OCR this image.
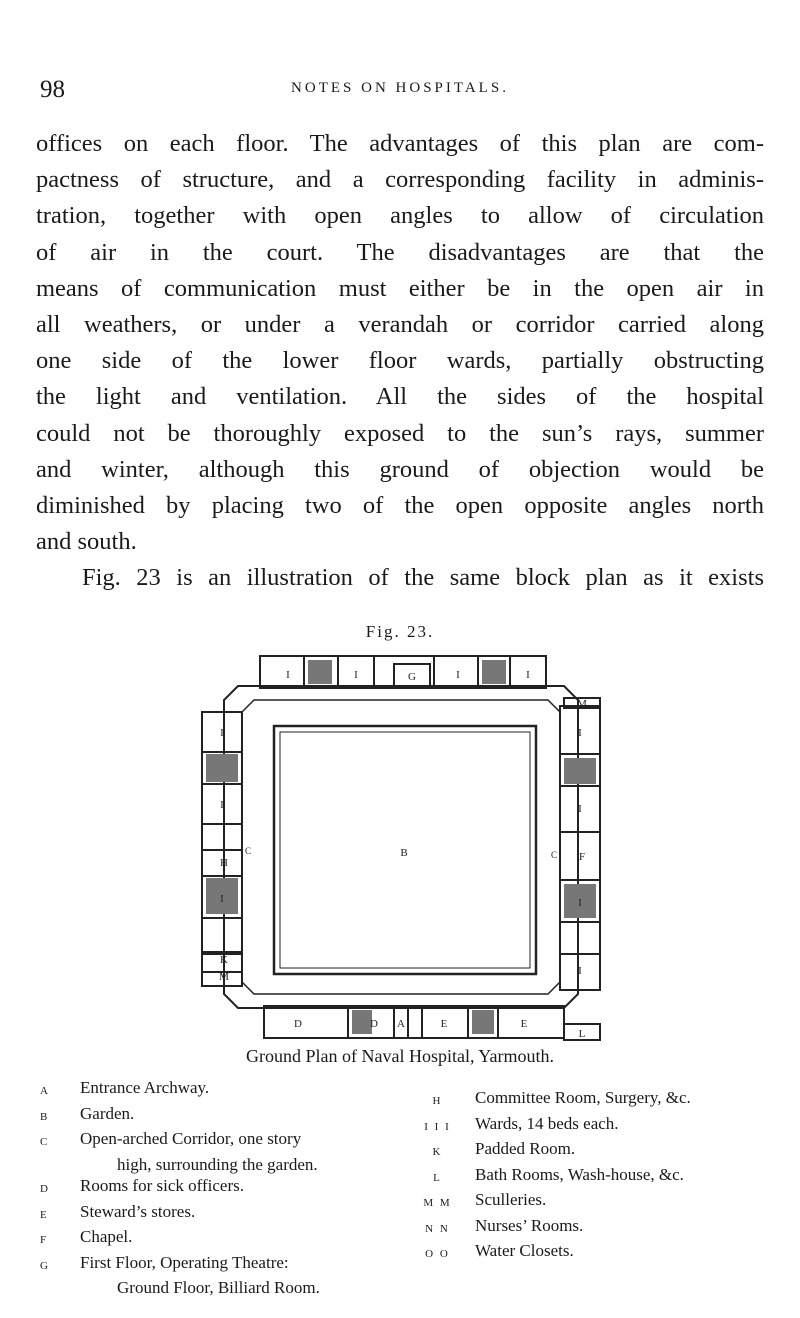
98	NOTES ON HOSPITALS.
offices on each floor. The advantages of this plan are com-
pactness of structure, and a corresponding facility in adminis-
tration, together with open angles to allow of circulation
of air in the court. The disadvantages are that the
means of communication must either be in the open air in
all weathers, or under a verandah or corridor carried along
one side of the lower floor wards, partially obstructing
the light and ventilation. All the sides of the hospital
could not be thoroughly exposed to the sun’s rays, summer
and winter, although this ground of objection would be
diminished by placing two of the open opposite angles north
and south.
Fig. 23 is an illustration of the same block plan as it exists
Fig. 23.
B
G
I	I	I	I
I
I
H
I
K
M
M
I
I
F
I
I
D	D A	E	E
L
C	C
Ground Plan of Naval Hospital, Yarmouth.
A	Entrance Archway.
B	Garden.
C	Open-arched Corridor, one story
high, surrounding the garden.
D	Rooms for sick officers.
E	Steward’s stores.
F	Chapel.
G	First Floor, Operating Theatre:
Ground Floor, Billiard Room.
H	Committee Room, Surgery, &c.
I I I	Wards, 14 beds each.
K	Padded Room.
L	Bath Rooms, Wash-house, &c.
M M	Sculleries.
N N	Nurses’ Rooms.
O O	Water Closets.
